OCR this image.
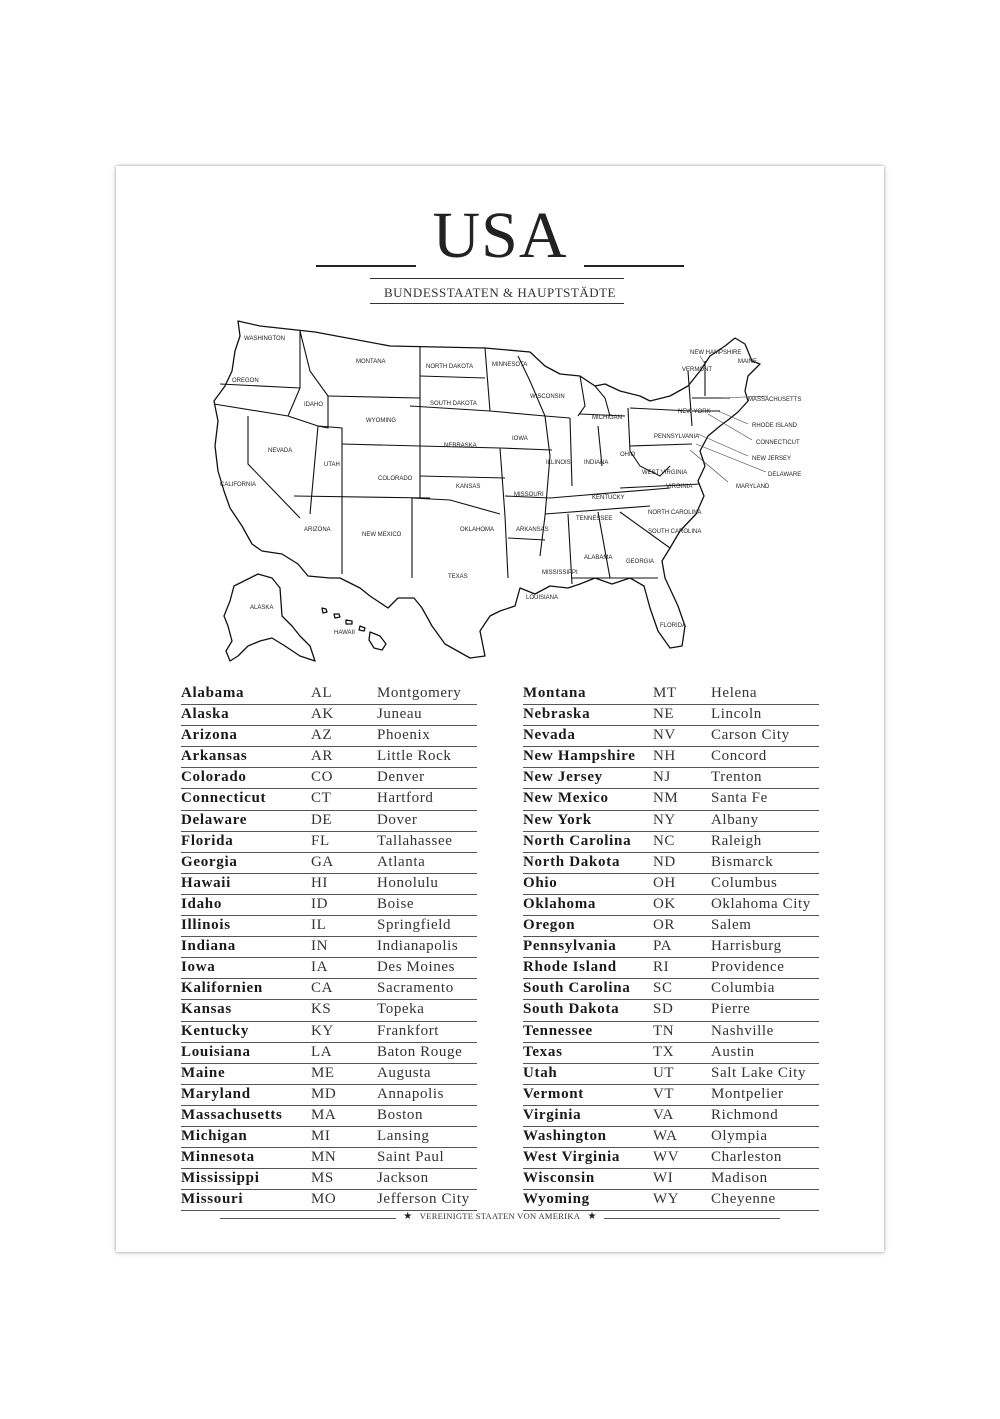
USA
BUNDESSTAATEN & HAUPTSTÄDTE
WASHINGTON
OREGON
CALIFORNIA
NEVADA
IDAHO
MONTANA
WYOMING
UTAH
ARIZONA
COLORADO
NEW MEXICO
NORTH DAKOTA
SOUTH DAKOTA
NEBRASKA
KANSAS
OKLAHOMA
TEXAS
MINNESOTA
IOWA
MISSOURI
ARKANSAS
LOUISIANA
WISCONSIN
ILLINOIS
MICHIGAN
INDIANA
OHIO
KENTUCKY
TENNESSEE
MISSISSIPPI
ALABAMA
GEORGIA
FLORIDA
SOUTH CAROLINA
NORTH CAROLINA
VIRGINIA
WEST VIRGINIA
PENNSYLVANIA
NEW YORK
VERMONT
NEW HAMPSHIRE
MAINE
MASSACHUSETTS
RHODE ISLAND
CONNECTICUT
NEW JERSEY
DELAWARE
MARYLAND
ALASKA
HAWAII
Alabama	AL	Montgomery
Alaska	AK	Juneau
Arizona	AZ	Phoenix
Arkansas	AR	Little Rock
Colorado	CO	Denver
Connecticut	CT	Hartford
Delaware	DE	Dover
Florida	FL	Tallahassee
Georgia	GA	Atlanta
Hawaii	HI	Honolulu
Idaho	ID	Boise
Illinois	IL	Springfield
Indiana	IN	Indianapolis
Iowa	IA	Des Moines
Kalifornien	CA	Sacramento
Kansas	KS	Topeka
Kentucky	KY	Frankfort
Louisiana	LA	Baton Rouge
Maine	ME	Augusta
Maryland	MD	Annapolis
Massachusetts MA	Boston
Michigan	MI	Lansing
Minnesota	MN	Saint Paul
Mississippi	MS	Jackson
Missouri	MO	Jefferson City
Montana	MT Helena
Nebraska	NE Lincoln
Nevada	NV Carson City
New Hampshire NH Concord
New Jersey	NJ	Trenton
New Mexico	NM Santa Fe
New York	NY Albany
North Carolina NC Raleigh
North Dakota ND Bismarck
Ohio	OH Columbus
Oklahoma	OK Oklahoma City
Oregon	OR Salem
Pennsylvania PA	Harrisburg
Rhode Island RI	Providence
South Carolina SC	Columbia
South Dakota SD	Pierre
Tennessee	TN Nashville
Texas	TX Austin
Utah	UT Salt Lake City
Vermont	VT Montpelier
Virginia	VA Richmond
Washington	WA Olympia
West Virginia WV Charleston
Wisconsin	WI	Madison
Wyoming	WY Cheyenne
★ VEREINIGTE STAATEN VON AMERIKA ★
